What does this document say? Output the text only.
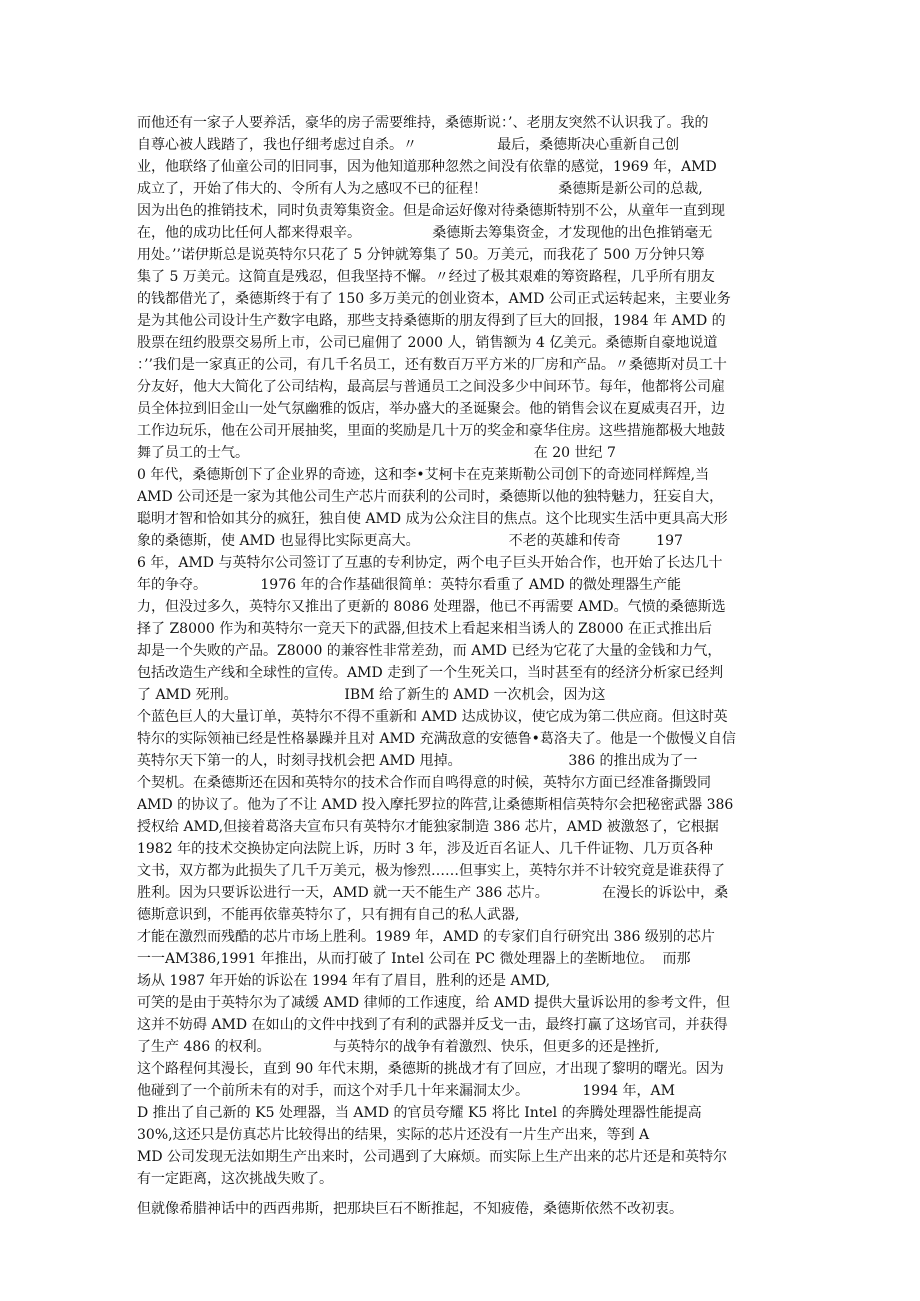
而他还有一家子人要养活，豪华的房子需要维持，桑德斯说：’、老朋友突然不认识我了。我的
自尊心被人践踏了，我也仔细考虑过自杀。〃                  最后，桑德斯决心重新自己创
业，他联络了仙童公司的旧同事，因为他知道那种忽然之间没有依靠的感觉，1969 年，AMD
成立了，开始了伟大的、令所有人为之感叹不已的征程！                桑德斯是新公司的总裁,
因为出色的推销技术，同时负责筹集资金。但是命运好像对待桑德斯特别不公，从童年一直到现
在，他的成功比任何人都来得艰辛。                桑德斯去筹集资金，才发现他的出色推销毫无
用处。’’诺伊斯总是说英特尔只花了 5 分钟就筹集了 50。万美元，而我花了 500 万分钟只筹
集了 5 万美元。这简直是残忍，但我坚持不懈。〃经过了极其艰难的筹资路程，几乎所有朋友
的钱都借光了，桑德斯终于有了 150 多万美元的创业资本，AMD 公司正式运转起来，主要业务
是为其他公司设计生产数字电路，那些支持桑德斯的朋友得到了巨大的回报，1984 年 AMD 的
股票在纽约股票交易所上市，公司已雇佣了 2000 人，销售额为 4 亿美元。桑德斯自豪地说道
：’’我们是一家真正的公司，有几千名员工，还有数百万平方米的厂房和产品。〃桑德斯对员工十
分友好，他大大简化了公司结构，最高层与普通员工之间没多少中间环节。每年，他都将公司雇
员全体拉到旧金山一处气氛幽雅的饭店，举办盛大的圣诞聚会。他的销售会议在夏威夷召开，边
工作边玩乐，他在公司开展抽奖，里面的奖励是几十万的奖金和豪华住房。这些措施都极大地鼓
舞了员工的士气。                                                                在 20 世纪 7
0 年代，桑德斯创下了企业界的奇迹，这和李•艾柯卡在克莱斯勒公司创下的奇迹同样辉煌,当
AMD 公司还是一家为其他公司生产芯片而获利的公司时，桑德斯以他的独特魅力，狂妄自大，
聪明才智和恰如其分的疯狂，独自使 AMD 成为公众注目的焦点。这个比现实生活中更具高大形
象的桑德斯，使 AMD 也显得比实际更高大。                    不老的英雄和传奇        197
6 年，AMD 与英特尔公司签订了互惠的专利协定，两个电子巨头开始合作，也开始了长达几十
年的争夺。            1976 年的合作基础很简单：英特尔看重了 AMD 的微处理器生产能
力，但没过多久，英特尔又推出了更新的 8086 处理器，他已不再需要 AMD。气愤的桑德斯选
择了 Z8000 作为和英特尔一竞天下的武器,但技术上看起来相当诱人的 Z8000 在正式推出后
却是一个失败的产品。Z8000 的兼容性非常差劲，而 AMD 已经为它花了大量的金钱和力气，
包括改造生产线和全球性的宣传。AMD 走到了一个生死关口，当时甚至有的经济分析家已经判
了 AMD 死刑。                        IBM 给了新生的 AMD 一次机会，因为这
个蓝色巨人的大量订单，英特尔不得不重新和 AMD 达成协议，使它成为第二供应商。但这时英
特尔的实际领袖已经是性格暴躁并且对 AMD 充满敌意的安德鲁•葛洛夫了。他是一个傲慢义自信
英特尔天下第一的人，时刻寻找机会把 AMD 甩掉。                        386 的推出成为了一
个契机。在桑德斯还在因和英特尔的技术合作而自鸣得意的时候，英特尔方面已经准备撕毁同
AMD 的协议了。他为了不让 AMD 投入摩托罗拉的阵营,让桑德斯相信英特尔会把秘密武器 386
授权给 AMD,但接着葛洛夫宣布只有英特尔才能独家制造 386 芯片，AMD 被激怒了，它根据
1982 年的技术交换协定向法院上诉，历时 3 年，涉及近百名证人、几千件证物、几万页各种
文书，双方都为此损失了几千万美元，极为惨烈……但事实上，英特尔并不计较究竟是谁获得了
胜利。因为只要诉讼进行一天，AMD 就一天不能生产 386 芯片。            在漫长的诉讼中，桑
德斯意识到，不能再依靠英特尔了，只有拥有自己的私人武器,
才能在激烈而残酷的芯片市场上胜利。1989 年，AMD 的专家们自行研究出 386 级别的芯片
一一AM386,1991 年推出，从而打破了 Intel 公司在 PC 微处理器上的垄断地位。  而那
场从 1987 年开始的诉讼在 1994 年有了眉目，胜利的还是 AMD,
可笑的是由于英特尔为了减缓 AMD 律师的工作速度，给 AMD 提供大量诉讼用的参考文件，但
这并不妨碍 AMD 在如山的文件中找到了有利的武器并反戈一击，最终打赢了这场官司，并获得
了生产 486 的权利。              与英特尔的战争有着激烈、快乐，但更多的还是挫折,
这个路程何其漫长，直到 90 年代末期，桑德斯的挑战才有了回应，才出现了黎明的曙光。因为
他碰到了一个前所未有的对手，而这个对手几十年来漏洞太少。            1994 年，AM
D 推出了自己新的 K5 处理器，当 AMD 的官员夸耀 K5 将比 Intel 的奔腾处理器性能提高
30%,这还只是仿真芯片比较得出的结果，实际的芯片还没有一片生产出来，等到 A
MD 公司发现无法如期生产出来时，公司遇到了大麻烦。而实际上生产出来的芯片还是和英特尔
有一定距离，这次挑战失败了。
但就像希腊神话中的西西弗斯，把那块巨石不断推起，不知疲倦，桑德斯依然不改初衷。
